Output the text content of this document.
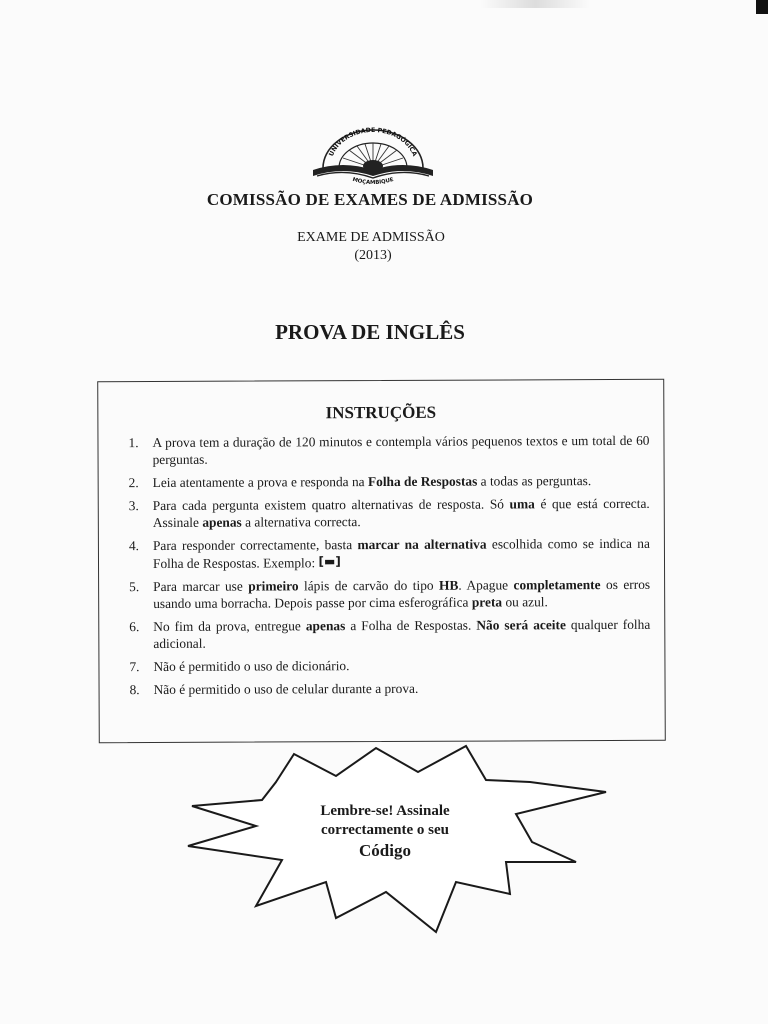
UNIVERSIDADE PEDAGÓGICA
MOÇAMBIQUE
COMISSÃO DE EXAMES DE ADMISSÃO
EXAME DE ADMISSÃO
(2013)
PROVA DE INGLÊS
INSTRUÇÕES
1. A prova tem a duração de 120 minutos e contempla vários pequenos textos e um total de 60 perguntas.
2. Leia atentamente a prova e responda na Folha de Respostas a todas as perguntas.
3. Para cada pergunta existem quatro alternativas de resposta. Só uma é que está correcta. Assinale apenas a alternativa correcta.
4. Para responder correctamente, basta marcar na alternativa escolhida como se indica na Folha de Respostas. Exemplo: [▬]
5. Para marcar use primeiro lápis de carvão do tipo HB. Apague completamente os erros usando uma borracha. Depois passe por cima esferográfica preta ou azul.
6. No fim da prova, entregue apenas a Folha de Respostas. Não será aceite qualquer folha adicional.
7. Não é permitido o uso de dicionário.
8. Não é permitido o uso de celular durante a prova.
Lembre-se! Assinale
correctamente o seu
Código
